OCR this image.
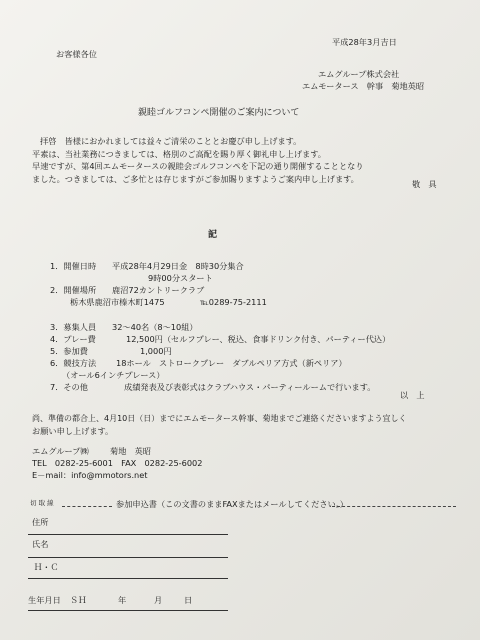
平成28年3月吉日
お客様各位
エムグループ株式会社
エムモータース　幹事　菊地英昭
親睦ゴルフコンペ開催のご案内について
拝啓　皆様におかれましては益々ご清栄のこととお慶び申し上げます。
平素は、当社業務につきましては、格別のご高配を賜り厚く御礼申し上げます。
早速ですが、第4回エムモータースの親睦会ゴルフコンペを下記の通り開催することとなり
ました。つきましては、ご多忙とは存じますがご参加賜りますようご案内申し上げます。	敬　具
記
1．開催日時 平成28年4月29日金　8時30分集合
9時00分スタート
2．開催場所 鹿沼72カントリークラブ
栃木県鹿沼市榛木町1475	℡0289-75-2111
3．募集人員 32～40名（8～10組）
4．プレー費	12,500円（セルフプレー、税込、食事ドリンク付き、パーティー代込）
5．参加費	1,000円
6．競技方法 18ホール　ストロークプレー　ダブルペリア方式（新ペリア）
（オール6インチプレース）
7．その他	成績発表及び表彰式はクラブハウス・パーティールームで行います。
以　上
尚、準備の都合上、4月10日（日）までにエムモータース幹事、菊地までご連絡くださいますよう宜しく
お願い申し上げます。
エムグループ㈱	菊地　英昭
TEL　0282-25-6001　FAX　0282-25-6002
E－mail：info@mmotors.net
切 取 線	参加申込書（この文書のままFAXまたはメールしてください。）
住所
氏名
Ｈ・Ｃ
生年月日 ＳＨ	年	月	日
